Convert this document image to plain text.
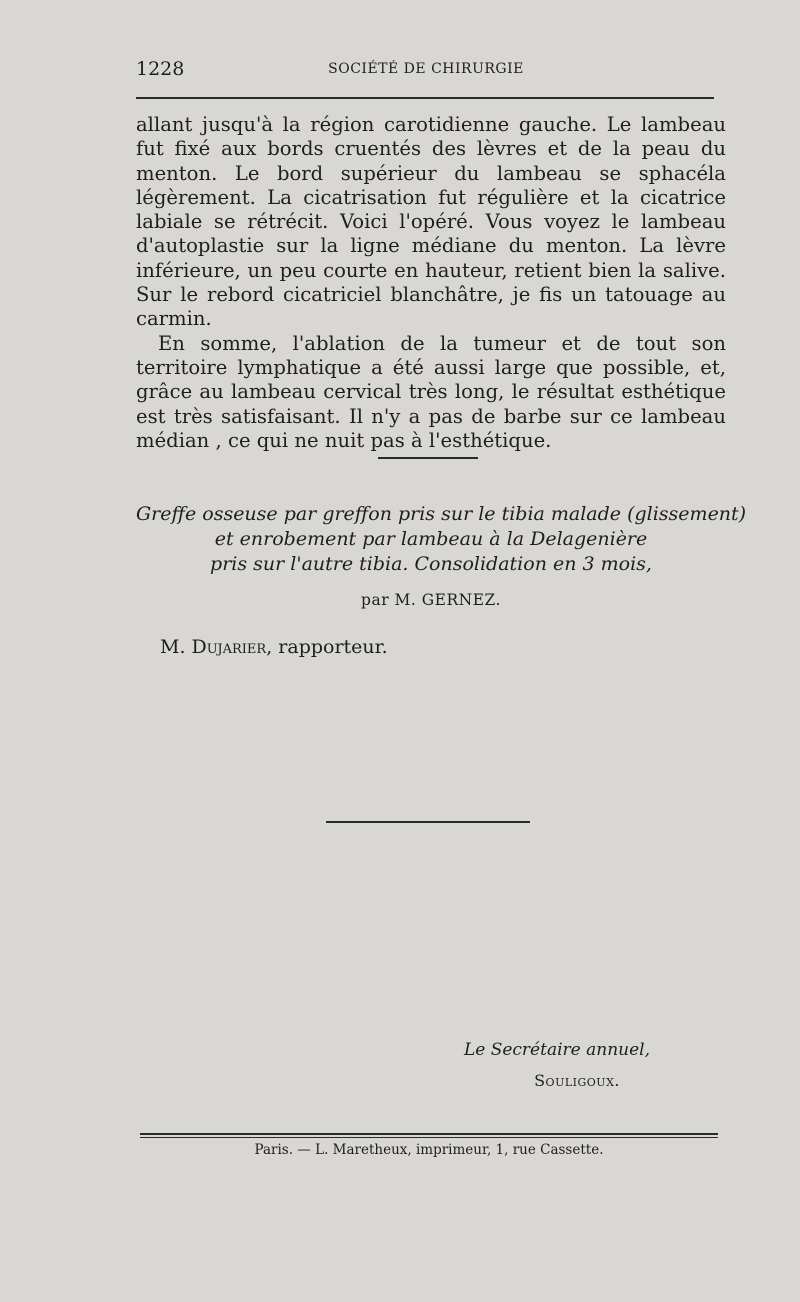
1228	SOCIÉTÉ DE CHIRURGIE

allant jusqu'à la région carotidienne gauche. Le lambeau fut fixé aux bords cruentés des lèvres et de la peau du menton. Le bord supérieur du lambeau se sphacéla légèrement. La cicatrisation fut régulière et la cicatrice labiale se rétrécit. Voici l'opéré. Vous voyez le lambeau d'autoplastie sur la ligne médiane du menton. La lèvre inférieure, un peu courte en hauteur, retient bien la salive. Sur le rebord cicatriciel blanchâtre, je fis un tatouage au carmin.

En somme, l'ablation de la tumeur et de tout son territoire lymphatique a été aussi large que possible, et, grâce au lambeau cervical très long, le résultat esthétique est très satisfaisant. Il n'y a pas de barbe sur ce lambeau médian , ce qui ne nuit pas à l'esthétique.

Greffe osseuse par greffon pris sur le tibia malade (glissement)
et enrobement par lambeau à la Delagenière
pris sur l'autre tibia. Consolidation en 3 mois,
par M. GERNEZ.
M. Dujarier, rapporteur.
Le Secrétaire annuel,
Souligoux.
Paris. — L. Maretheux, imprimeur, 1, rue Cassette.
